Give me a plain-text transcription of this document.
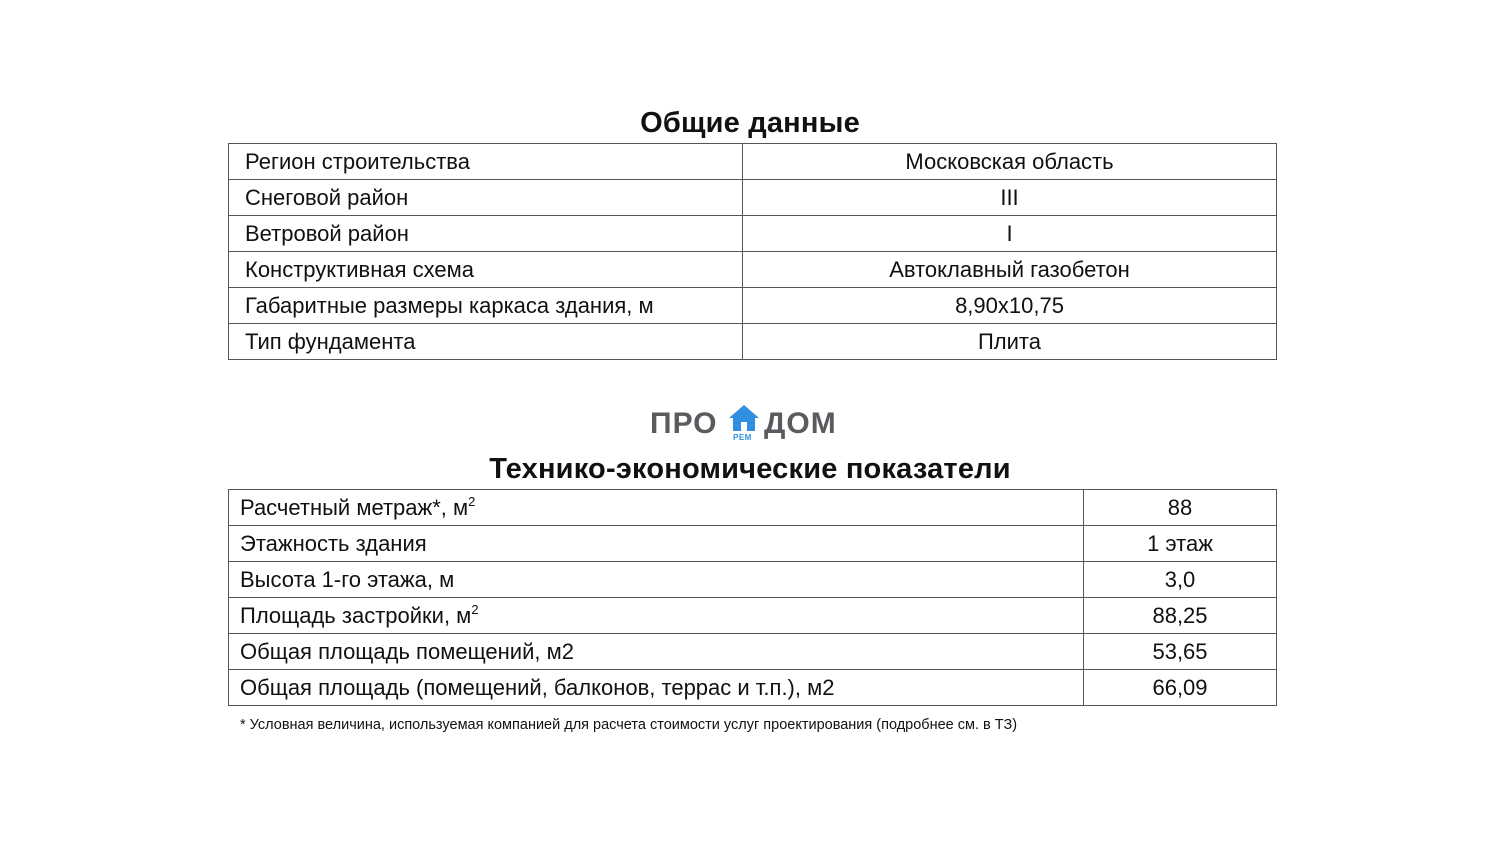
Общие данные
Регион строительства	Московская область
Снеговой район	III
Ветровой район	I
Конструктивная схема	Автоклавный газобетон
Габаритные размеры каркаса здания, м	8,90x10,75
Тип фундамента	Плита
ПРО РЕМ ДОМ
Технико-экономические показатели
Расчетный метраж*, $м^2$	88
Этажность здания	1 этаж
Высота 1-го этажа, м	3,0
Площадь застройки, $м^2$	88,25
Общая площадь помещений, м2	53,65
Общая площадь (помещений, балконов, террас и т.п.), м2	66,09
* Условная величина, используемая компанией для расчета стоимости услуг проектирования (подробнее см. в ТЗ)
